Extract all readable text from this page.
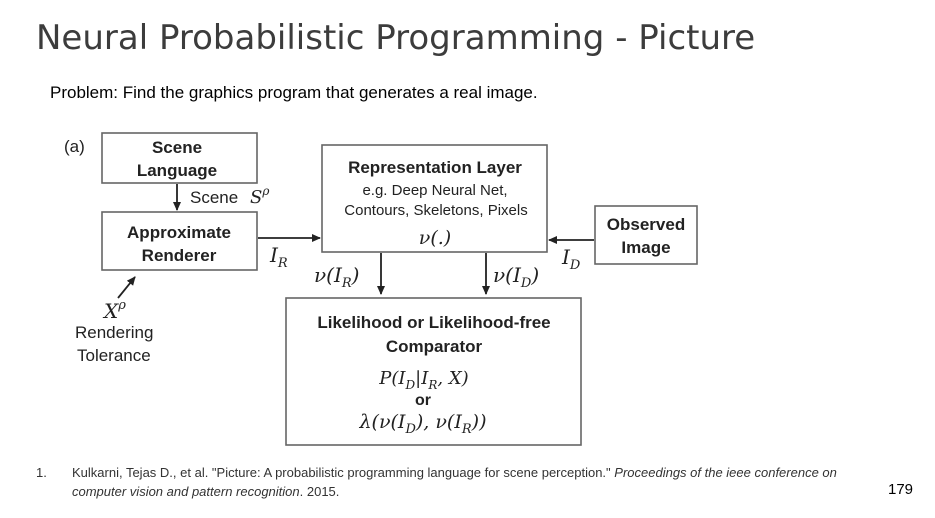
Neural Probabilistic Programming - Picture
Problem: Find the graphics program that generates a real image.
(a)	Scene
Language
Scene $S^\rho$
Approximate
Renderer	$I_R$
$X^\rho$
Rendering
Tolerance
Representation Layer
e.g. Deep Neural Net,
Contours, Skeletons, Pixels
ν(.)
Observed
Image
$I_D$
$\nu(I_R)$	$\nu(I_D)$
Likelihood or Likelihood-free
Comparator
$P(I_D|I_R$, X)
or
$\lambda(\nu(I_D)$, $\nu(I_R)$)
1. Kulkarni, Tejas D., et al. "Picture: A probabilistic programming language for scene perception." Proceedings of the ieee conference on computer vision and pattern recognition. 2015.	179
